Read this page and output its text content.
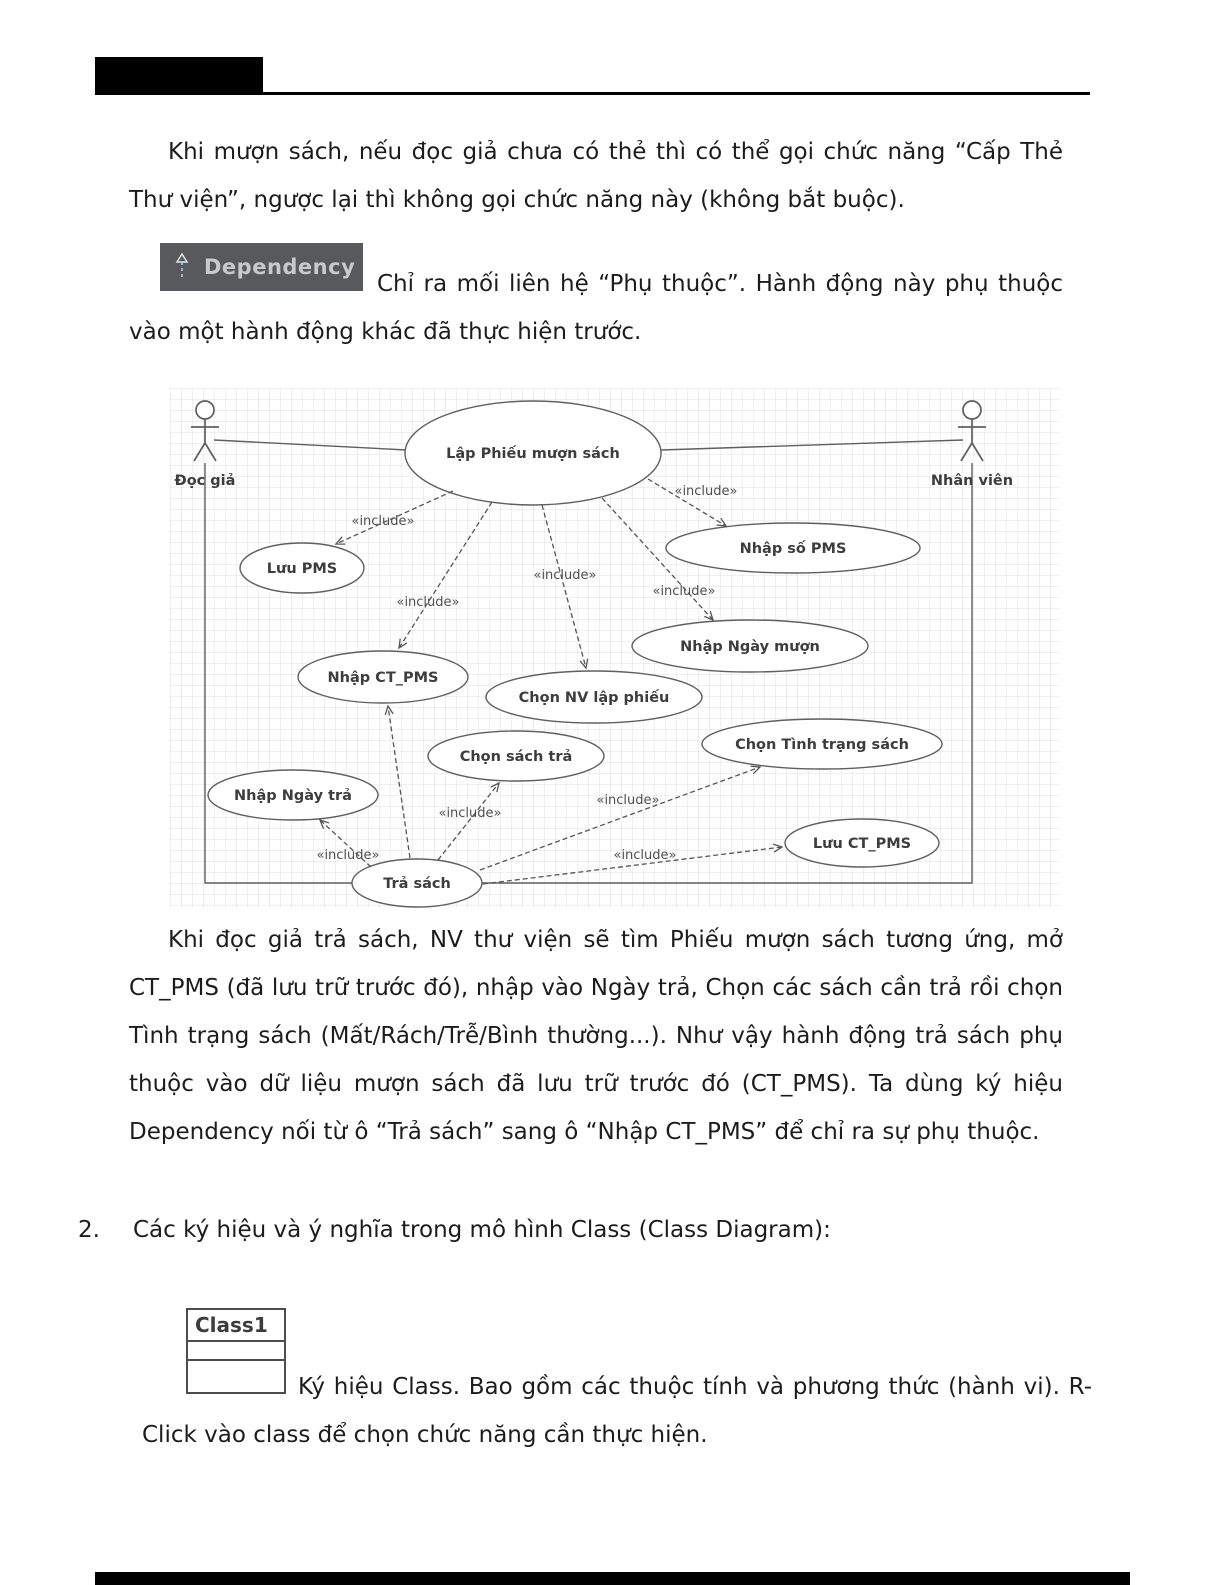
Khi mượn sách, nếu đọc giả chưa có thẻ thì có thể gọi chức năng “Cấp Thẻ Thư viện”, ngược lại thì không gọi chức năng này (không bắt buộc).
Dependency
Chỉ ra mối liên hệ “Phụ thuộc”. Hành động này phụ thuộc vào một hành động khác đã thực hiện trước.
Lập Phiếu mượn sách
Nhập số PMS
Lưu PMS
Nhập Ngày mượn
Nhập CT_PMS
Chọn NV lập phiếu
Chọn sách trả
Chọn Tình trạng sách
Nhập Ngày trả
Lưu CT_PMS
Trả sách
«include»
«include»
«include»
«include»
«include»
«include»
«include»
«include»	«include»
Đọc giả	Nhân viên
Khi đọc giả trả sách, NV thư viện sẽ tìm Phiếu mượn sách tương ứng, mở CT_PMS (đã lưu trữ trước đó), nhập vào Ngày trả, Chọn các sách cần trả rồi chọn Tình trạng sách (Mất/Rách/Trễ/Bình thường...). Như vậy hành động trả sách phụ thuộc vào dữ liệu mượn sách đã lưu trữ trước đó (CT_PMS). Ta dùng ký hiệu Dependency nối từ ô “Trả sách” sang ô “Nhập CT_PMS” để chỉ ra sự phụ thuộc.
2.	Các ký hiệu và ý nghĩa trong mô hình Class (Class Diagram):
Class1
Ký hiệu Class. Bao gồm các thuộc tính và phương thức (hành vi). R-Click vào class để chọn chức năng cần thực hiện.
